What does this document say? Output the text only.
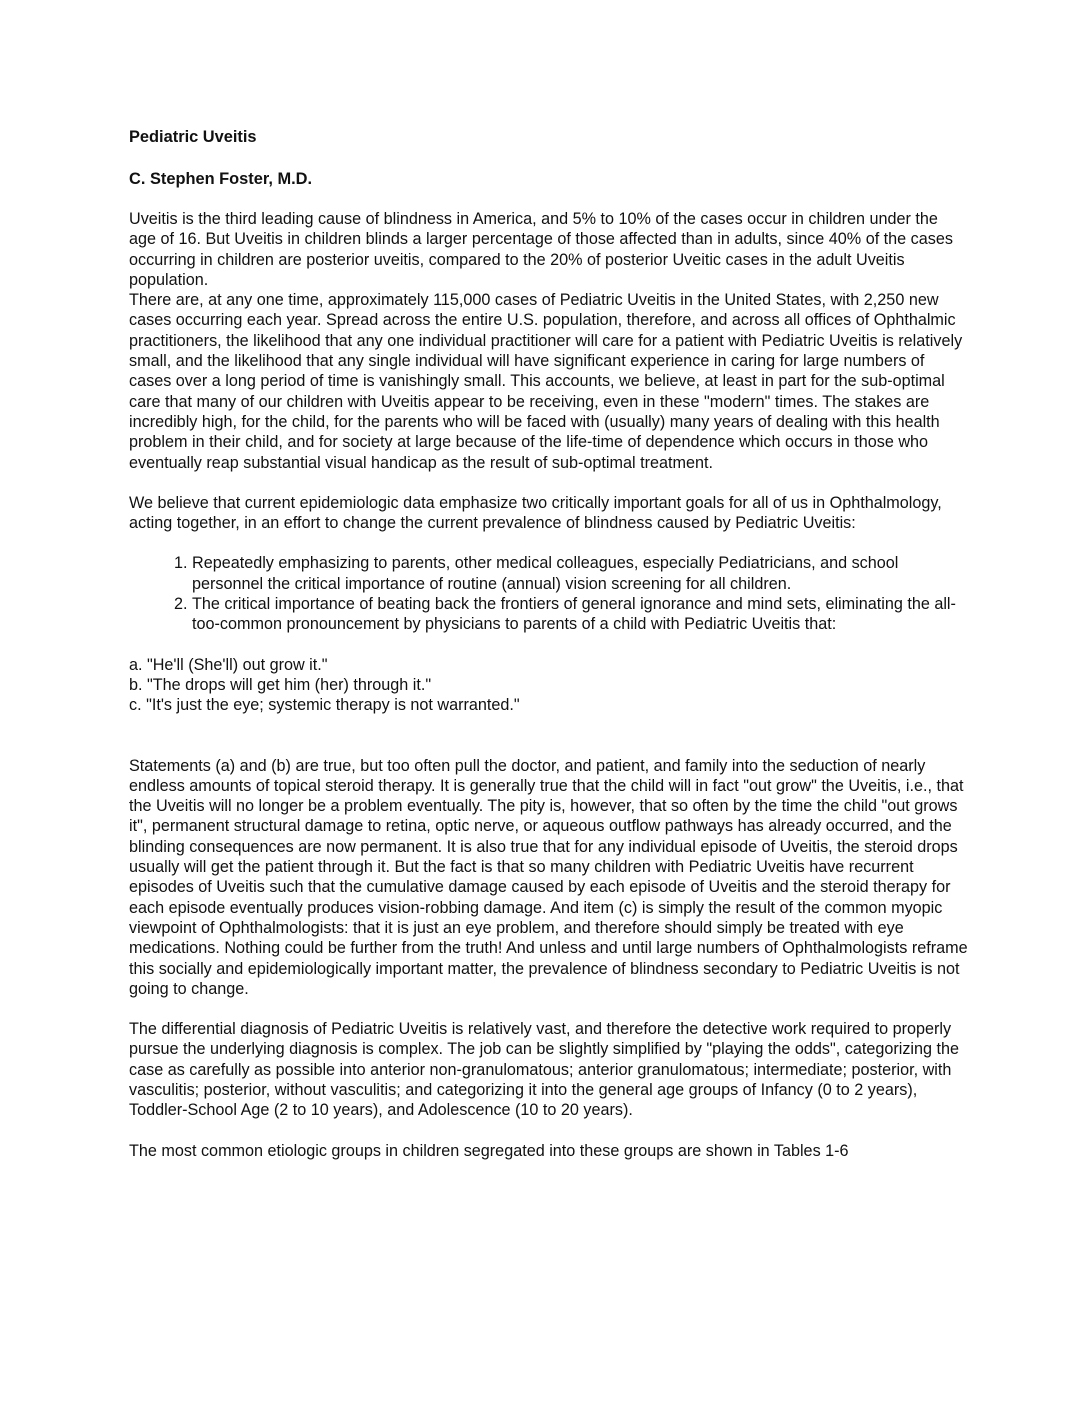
Pediatric Uveitis
C. Stephen Foster, M.D.

Uveitis is the third leading cause of blindness in America, and 5% to 10% of the cases occur in children under the age of 16. But Uveitis in children blinds a larger percentage of those affected than in adults, since 40% of the cases occurring in children are posterior uveitis, compared to the 20% of posterior Uveitic cases in the adult Uveitis population.

There are, at any one time, approximately 115,000 cases of Pediatric Uveitis in the United States, with 2,250 new cases occurring each year. Spread across the entire U.S. population, therefore, and across all offices of Ophthalmic practitioners, the likelihood that any one individual practitioner will care for a patient with Pediatric Uveitis is relatively small, and the likelihood that any single individual will have significant experience in caring for large numbers of cases over a long period of time is vanishingly small. This accounts, we believe, at least in part for the sub-optimal care that many of our children with Uveitis appear to be receiving, even in these "modern" times. The stakes are incredibly high, for the child, for the parents who will be faced with (usually) many years of dealing with this health problem in their child, and for society at large because of the life-time of dependence which occurs in those who eventually reap substantial visual handicap as the result of sub-optimal treatment.

We believe that current epidemiologic data emphasize two critically important goals for all of us in Ophthalmology, acting together, in an effort to change the current prevalence of blindness caused by Pediatric Uveitis:

1. Repeatedly emphasizing to parents, other medical colleagues, especially Pediatricians, and school personnel the critical importance of routine (annual) vision screening for all children.
2. The critical importance of beating back the frontiers of general ignorance and mind sets, eliminating the all-too-common pronouncement by physicians to parents of a child with Pediatric Uveitis that:
a. "He'll (She'll) out grow it."
b. "The drops will get him (her) through it."
c. "It's just the eye; systemic therapy is not warranted."

Statements (a) and (b) are true, but too often pull the doctor, and patient, and family into the seduction of nearly endless amounts of topical steroid therapy. It is generally true that the child will in fact "out grow" the Uveitis, i.e., that the Uveitis will no longer be a problem eventually. The pity is, however, that so often by the time the child "out grows it", permanent structural damage to retina, optic nerve, or aqueous outflow pathways has already occurred, and the blinding consequences are now permanent. It is also true that for any individual episode of Uveitis, the steroid drops usually will get the patient through it. But the fact is that so many children with Pediatric Uveitis have recurrent episodes of Uveitis such that the cumulative damage caused by each episode of Uveitis and the steroid therapy for each episode eventually produces vision-robbing damage. And item (c) is simply the result of the common myopic viewpoint of Ophthalmologists: that it is just an eye problem, and therefore should simply be treated with eye medications. Nothing could be further from the truth! And unless and until large numbers of Ophthalmologists reframe this socially and epidemiologically important matter, the prevalence of blindness secondary to Pediatric Uveitis is not going to change.

The differential diagnosis of Pediatric Uveitis is relatively vast, and therefore the detective work required to properly pursue the underlying diagnosis is complex. The job can be slightly simplified by "playing the odds", categorizing the case as carefully as possible into anterior non-granulomatous; anterior granulomatous; intermediate; posterior, with vasculitis; posterior, without vasculitis; and categorizing it into the general age groups of Infancy (0 to 2 years), Toddler-School Age (2 to 10 years), and Adolescence (10 to 20 years).

The most common etiologic groups in children segregated into these groups are shown in Tables 1-6
